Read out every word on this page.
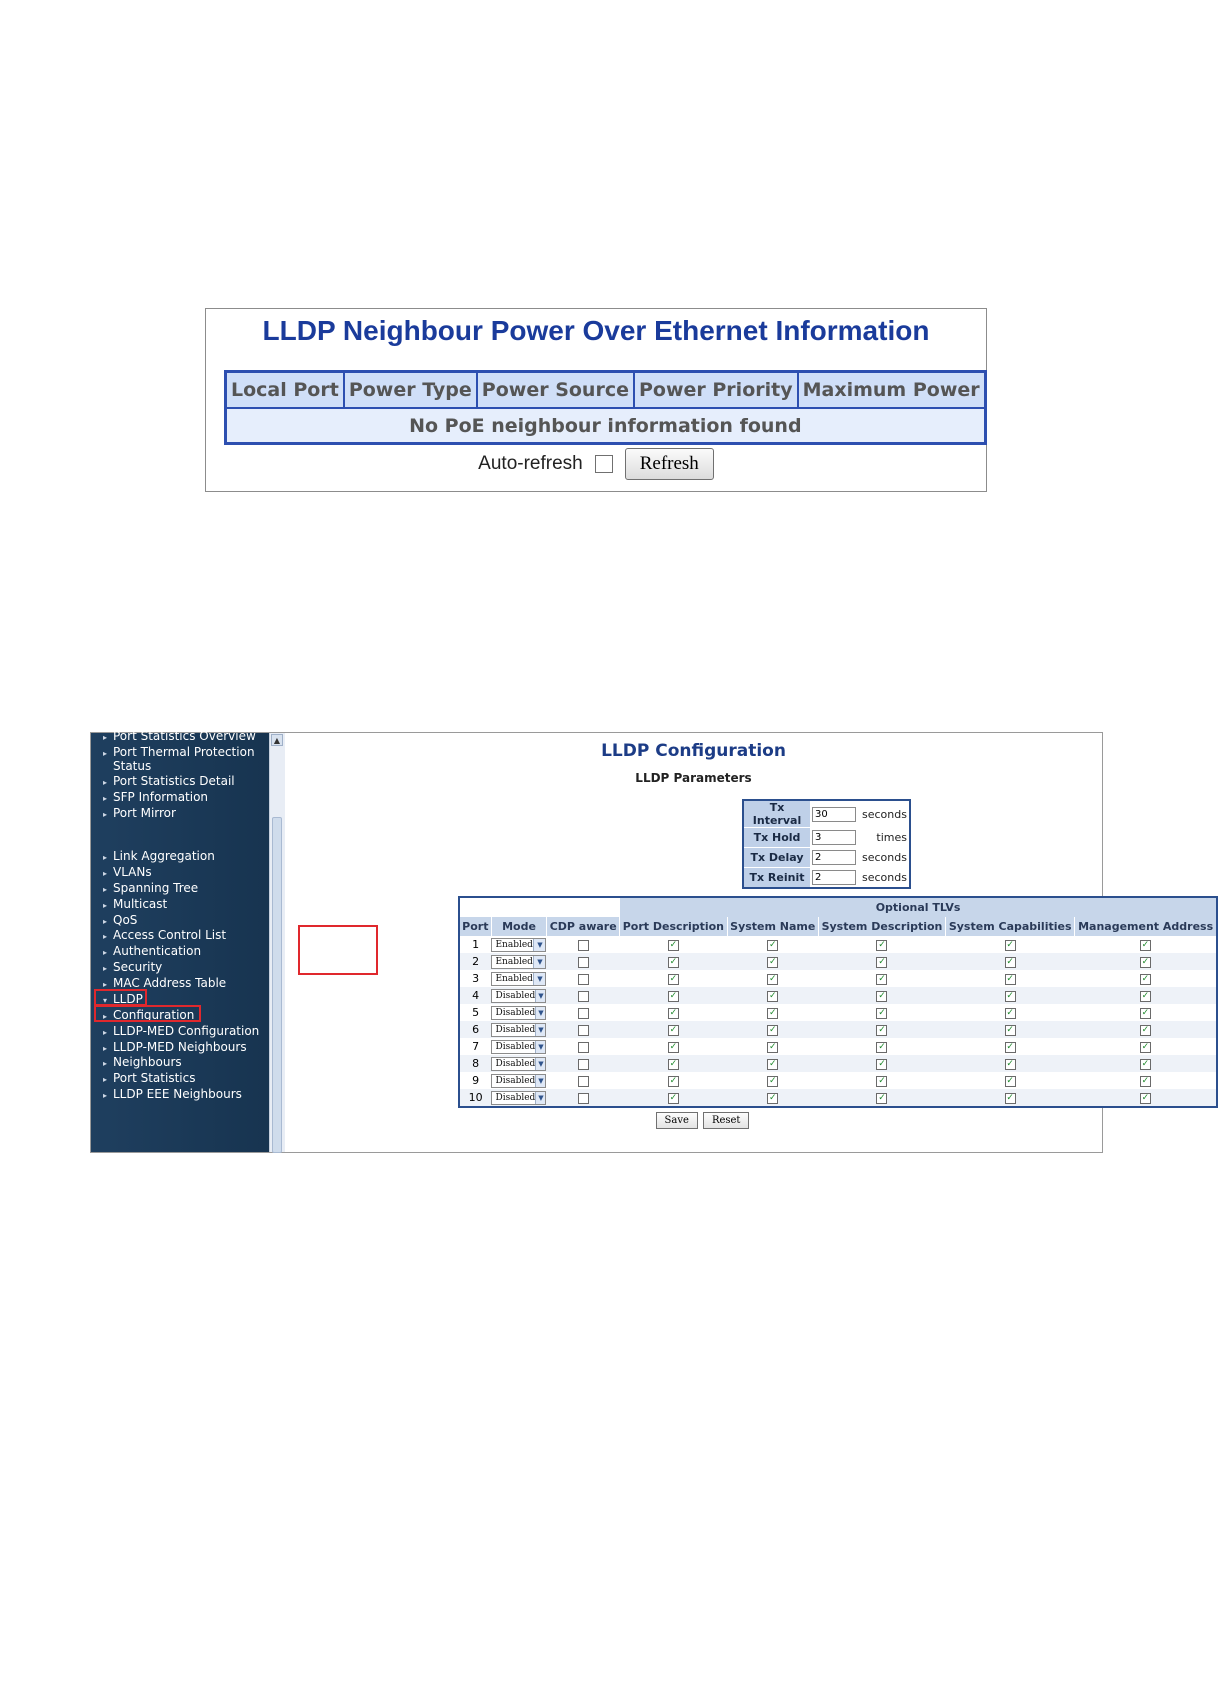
LLDP Neighbour Power Over Ethernet Information
Local Port	Power Type	Power Source	Power Priority	Maximum Power
No PoE neighbour information found
Auto-refresh	Refresh
▸ Port Statistics Overview
▸ Port Thermal Protection
Status
▸ Port Statistics Detail
▸ SFP Information
▸ Port Mirror
▸ Link Aggregation
▸ VLANs
▸ Spanning Tree
▸ Multicast
▸ QoS
▸ Access Control List
▸ Authentication
▸ Security
▸ MAC Address Table
▾ LLDP
▸ Configuration
▸ LLDP-MED Configuration
▸ LLDP-MED Neighbours
▸ Neighbours
▸ Port Statistics
▸ LLDP EEE Neighbours
▲
LLDP Configuration
LLDP Parameters
Tx Interval	30	seconds
Tx Hold	3	times
Tx Delay	2	seconds
Tx Reinit	2	seconds
			Optional TLVs				
Port	Mode	CDP aware	Port Description	System Name	System Description	System Capabilities	Management Address
1	Enabled ▼		✓	✓	✓	✓	✓
2	Enabled ▼		✓	✓	✓	✓	✓
3	Enabled ▼		✓	✓	✓	✓	✓
4	Disabled ▼		✓	✓	✓	✓	✓
5	Disabled ▼		✓	✓	✓	✓	✓
6	Disabled ▼		✓	✓	✓	✓	✓
7	Disabled ▼		✓	✓	✓	✓	✓
8	Disabled ▼		✓	✓	✓	✓	✓
9	Disabled ▼		✓	✓	✓	✓	✓
10	Disabled ▼		✓	✓	✓	✓	✓
Save	Reset
